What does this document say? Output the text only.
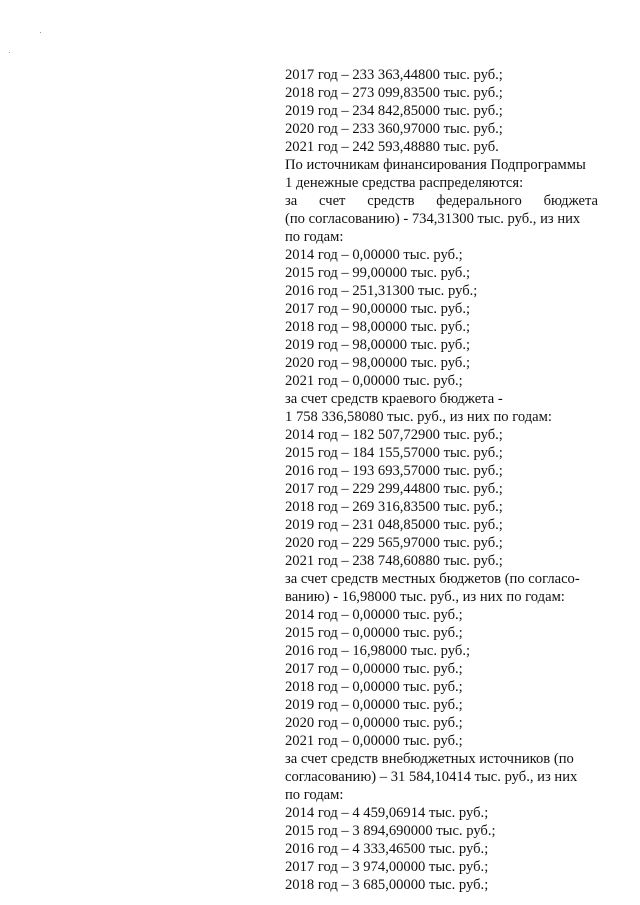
2017 год – 233 363,44800 тыс. руб.;
2018 год – 273 099,83500 тыс. руб.;
2019 год – 234 842,85000 тыс. руб.;
2020 год – 233 360,97000 тыс. руб.;
2021 год – 242 593,48880 тыс. руб.
По источникам финансирования Подпрограммы
1 денежные средства распределяются:
за счет средств федерального бюджета
(по согласованию) - 734,31300 тыс. руб., из них
по годам:
2014 год – 0,00000 тыс. руб.;
2015 год – 99,00000 тыс. руб.;
2016 год – 251,31300 тыс. руб.;
2017 год – 90,00000 тыс. руб.;
2018 год – 98,00000 тыс. руб.;
2019 год – 98,00000 тыс. руб.;
2020 год – 98,00000 тыс. руб.;
2021 год – 0,00000 тыс. руб.;
за счет средств краевого бюджета -
1 758 336,58080 тыс. руб., из них по годам:
2014 год – 182 507,72900 тыс. руб.;
2015 год – 184 155,57000 тыс. руб.;
2016 год – 193 693,57000 тыс. руб.;
2017 год – 229 299,44800 тыс. руб.;
2018 год – 269 316,83500 тыс. руб.;
2019 год – 231 048,85000 тыс. руб.;
2020 год – 229 565,97000 тыс. руб.;
2021 год – 238 748,60880 тыс. руб.;
за счет средств местных бюджетов (по согласо-
ванию) - 16,98000 тыс. руб., из них по годам:
2014 год – 0,00000 тыс. руб.;
2015 год – 0,00000 тыс. руб.;
2016 год – 16,98000 тыс. руб.;
2017 год – 0,00000 тыс. руб.;
2018 год – 0,00000 тыс. руб.;
2019 год – 0,00000 тыс. руб.;
2020 год – 0,00000 тыс. руб.;
2021 год – 0,00000 тыс. руб.;
за счет средств внебюджетных источников (по
согласованию) – 31 584,10414 тыс. руб., из них
по годам:
2014 год – 4 459,06914 тыс. руб.;
2015 год – 3 894,690000 тыс. руб.;
2016 год – 4 333,46500 тыс. руб.;
2017 год – 3 974,00000 тыс. руб.;
2018 год – 3 685,00000 тыс. руб.;
